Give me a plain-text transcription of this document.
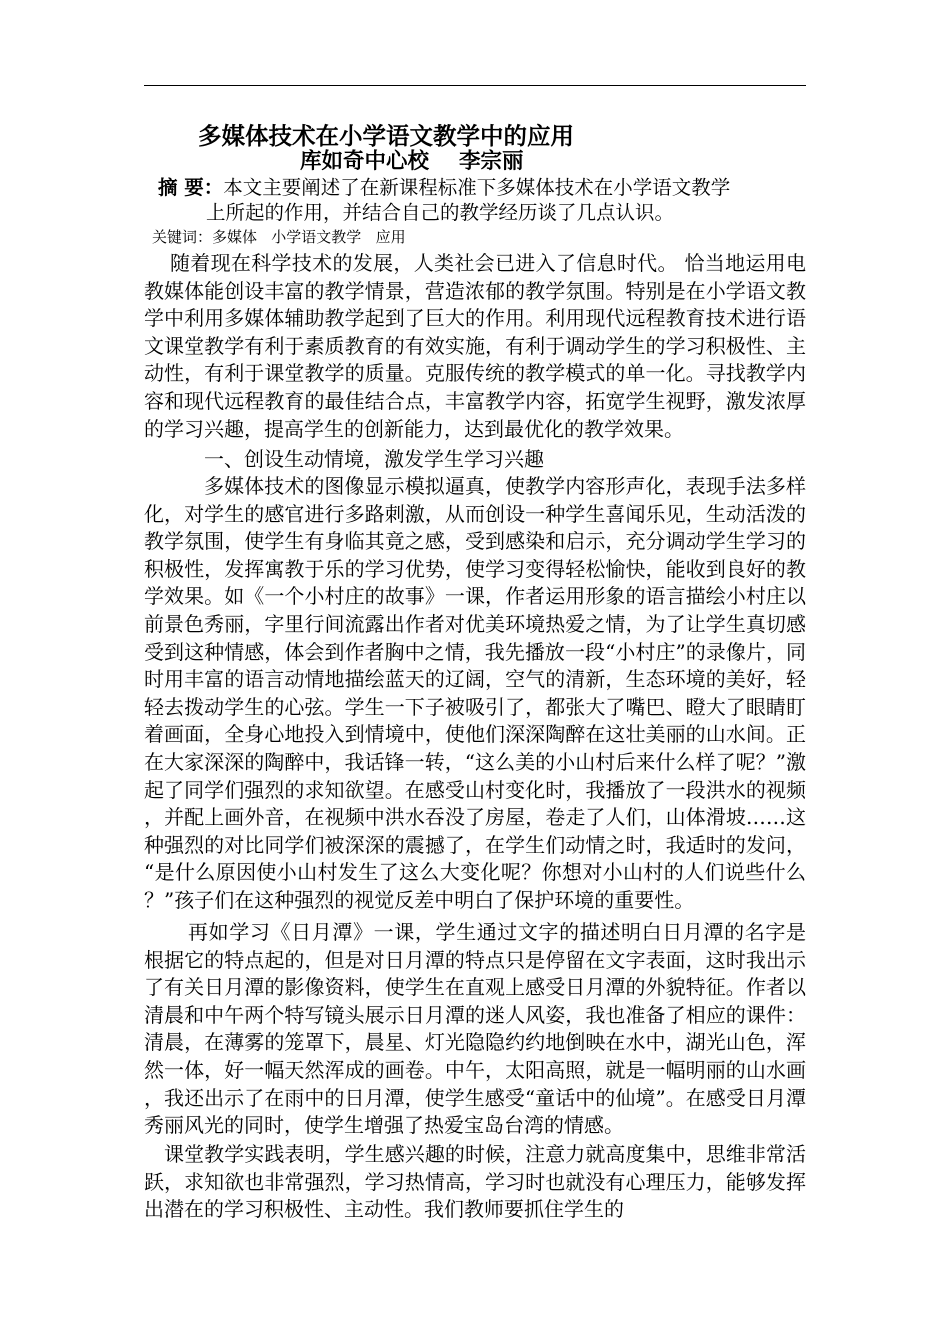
多媒体技术在小学语文教学中的应用
库如奇中心校    李宗丽
摘 要：本文主要阐述了在新课程标准下多媒体技术在小学语文教学
上所起的作用，并结合自己的教学经历谈了几点认识。
关键词：多媒体   小学语文教学   应用
随着现在科学技术的发展，人类社会已进入了信息时代。 恰当地运用电教媒体能创设丰富的教学情景，营造浓郁的教学氛围。特别是在小学语文教学中利用多媒体辅助教学起到了巨大的作用。利用现代远程教育技术进行语文课堂教学有利于素质教育的有效实施，有利于调动学生的学习积极性、主动性，有利于课堂教学的质量。克服传统的教学模式的单一化。寻找教学内容和现代远程教育的最佳结合点，丰富教学内容，拓宽学生视野，激发浓厚的学习兴趣，提高学生的创新能力，达到最优化的教学效果。
一、创设生动情境，激发学生学习兴趣
多媒体技术的图像显示模拟逼真，使教学内容形声化，表现手法多样化，对学生的感官进行多路刺激，从而创设一种学生喜闻乐见，生动活泼的教学氛围，使学生有身临其竟之感，受到感染和启示，充分调动学生学习的积极性，发挥寓教于乐的学习优势，使学习变得轻松愉快，能收到良好的教学效果。如《一个小村庄的故事》一课，作者运用形象的语言描绘小村庄以前景色秀丽，字里行间流露出作者对优美环境热爱之情，为了让学生真切感受到这种情感，体会到作者胸中之情，我先播放一段“小村庄”的录像片，同时用丰富的语言动情地描绘蓝天的辽阔，空气的清新，生态环境的美好，轻轻去拨动学生的心弦。学生一下子被吸引了，都张大了嘴巴、瞪大了眼睛盯着画面，全身心地投入到情境中，使他们深深陶醉在这壮美丽的山水间。正在大家深深的陶醉中，我话锋一转，“这么美的小山村后来什么样了呢？”激起了同学们强烈的求知欲望。在感受山村变化时，我播放了一段洪水的视频，并配上画外音，在视频中洪水吞没了房屋，卷走了人们，山体滑坡……这种强烈的对比同学们被深深的震撼了，在学生们动情之时，我适时的发问，“是什么原因使小山村发生了这么大变化呢？你想对小山村的人们说些什么？”孩子们在这种强烈的视觉反差中明白了保护环境的重要性。
再如学习《日月潭》一课，学生通过文字的描述明白日月潭的名字是根据它的特点起的，但是对日月潭的特点只是停留在文字表面，这时我出示了有关日月潭的影像资料，使学生在直观上感受日月潭的外貌特征。作者以清晨和中午两个特写镜头展示日月潭的迷人风姿，我也准备了相应的课件：清晨，在薄雾的笼罩下，晨星、灯光隐隐约约地倒映在水中，湖光山色，浑然一体，好一幅天然浑成的画卷。中午，太阳高照，就是一幅明丽的山水画，我还出示了在雨中的日月潭，使学生感受“童话中的仙境”。在感受日月潭秀丽风光的同时，使学生增强了热爱宝岛台湾的情感。
课堂教学实践表明，学生感兴趣的时候，注意力就高度集中，思维非常活跃，求知欲也非常强烈，学习热情高，学习时也就没有心理压力，能够发挥出潜在的学习积极性、主动性。我们教师要抓住学生的
